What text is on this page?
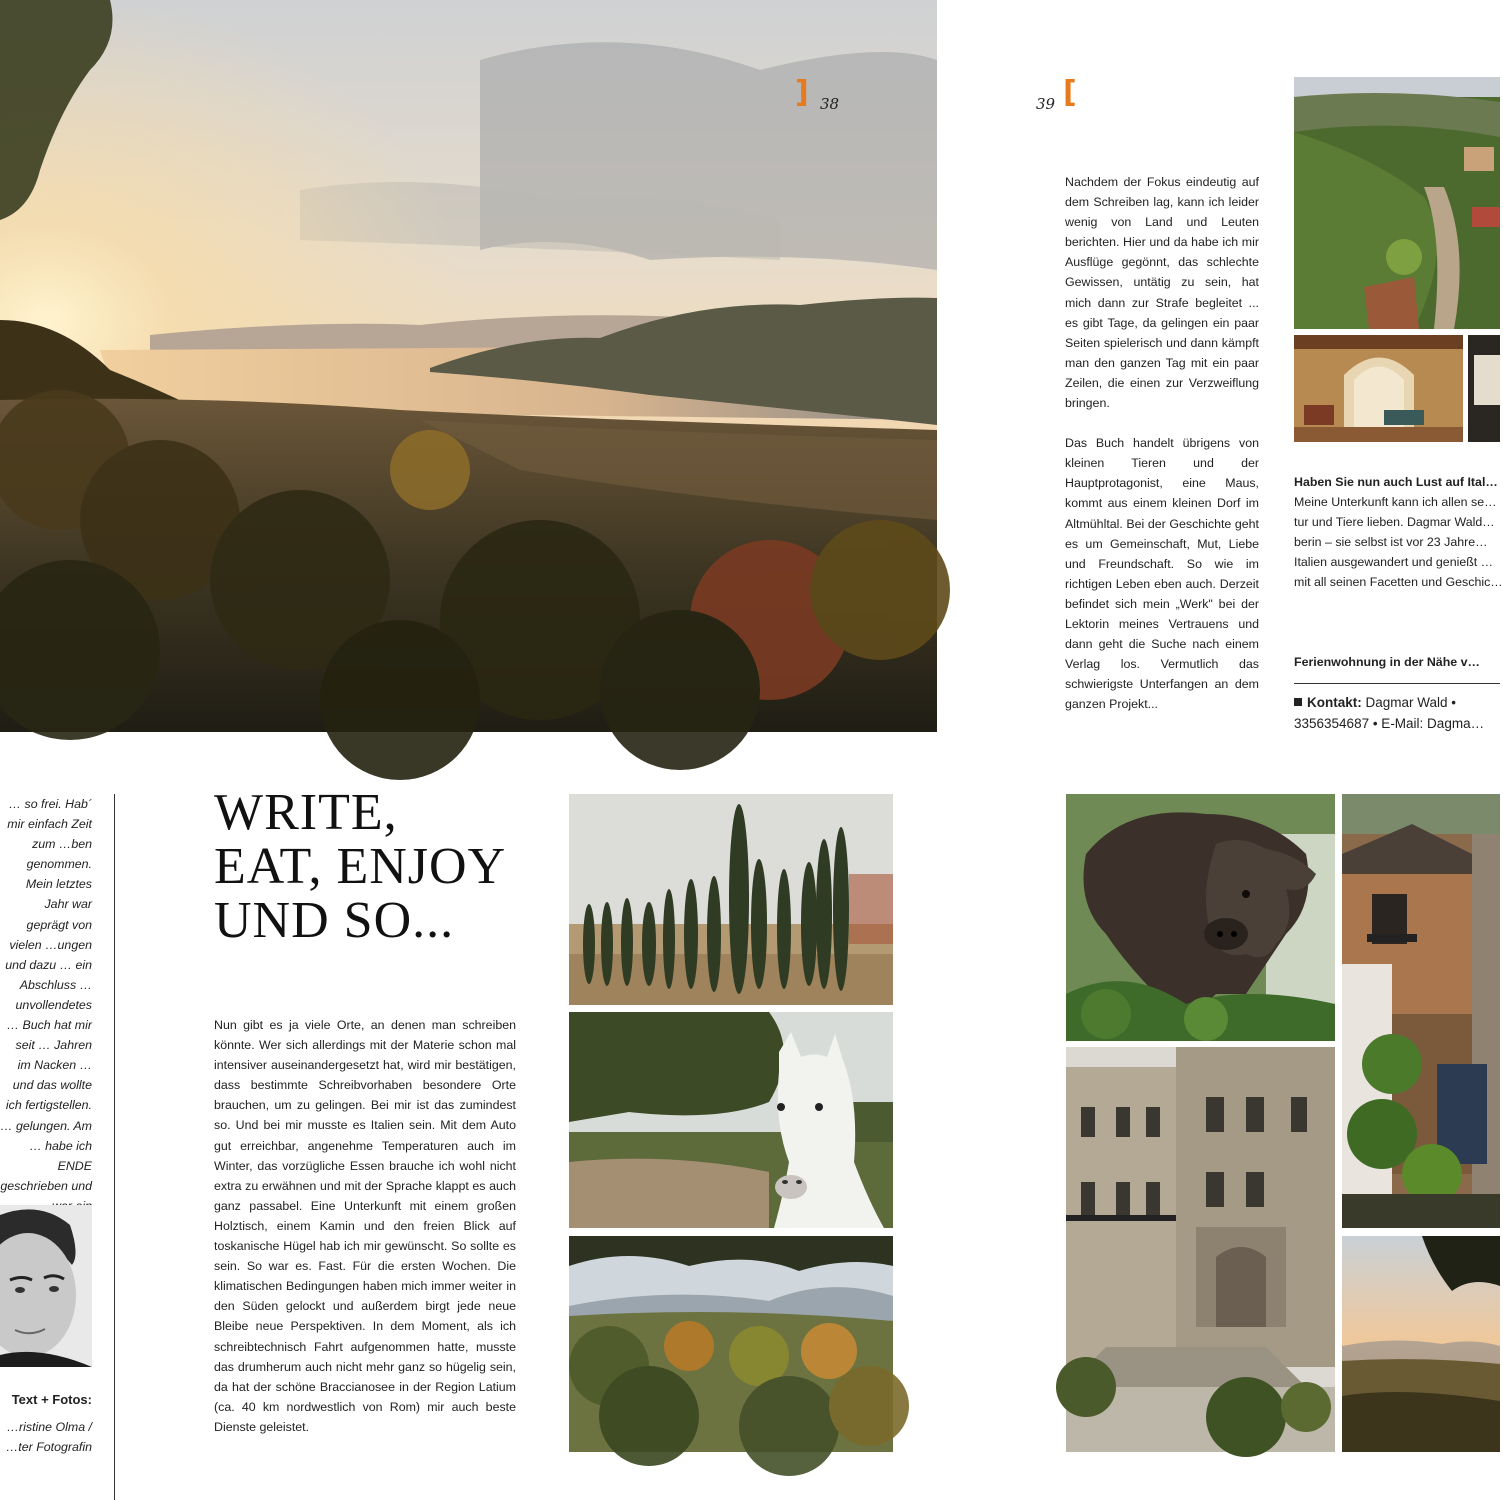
] 38	39 [
… so frei. Hab´ mir einfach Zeit zum …ben genommen. Mein letztes Jahr war geprägt von vielen …ungen und dazu … ein Abschluss … unvollendetes … Buch hat mir seit … Jahren im Nacken … und das wollte ich fertigstellen. … gelungen. Am … habe ich ENDE geschrieben und
Text + Fotos:
…ristine Olma /
…ter Fotografin
WRITE,
EAT, ENJOY
UND SO...

Nun gibt es ja viele Orte, an denen man schreiben könnte. Wer sich allerdings mit der Materie schon mal intensiver auseinandergesetzt hat, wird mir bestätigen, dass bestimmte Schreibvorhaben besondere Orte brauchen, um zu gelingen. Bei mir ist das zumindest so. Und bei mir musste es Italien sein. Mit dem Auto gut erreichbar, angenehme Temperaturen auch im Winter, das vorzügliche Essen brauche ich wohl nicht extra zu erwähnen und mit der Sprache klappt es auch ganz passabel. Eine Unterkunft mit einem großen Holztisch, einem Kamin und den freien Blick auf toskanische Hügel hab ich mir gewünscht. So sollte es sein. So war es. Fast. Für die ersten Wochen. Die klimatischen Bedingungen haben mich immer weiter in den Süden gelockt und außerdem birgt jede neue Bleibe neue Perspektiven. In dem Moment, als ich schreibtechnisch Fahrt aufgenommen hatte, musste das drumherum auch nicht mehr ganz so hügelig sein, da hat der schöne Braccianosee in der Region Latium (ca. 40 km nordwestlich von Rom) mir auch beste Dienste geleistet.

Nachdem der Fokus eindeutig auf dem Schreiben lag, kann ich leider wenig von Land und Leuten berichten. Hier und da habe ich mir Ausflüge gegönnt, das schlechte Gewissen, untätig zu sein, hat mich dann zur Strafe begleitet ... es gibt Tage, da gelingen ein paar Seiten spielerisch und dann kämpft man den ganzen Tag mit ein paar Zeilen, die einen zur Verzweiflung bringen.

Das Buch handelt übrigens von kleinen Tieren und der Hauptprotagonist, eine Maus, kommt aus einem kleinen Dorf im Altmühltal. Bei der Geschichte geht es um Gemeinschaft, Mut, Liebe und Freundschaft. So wie im richtigen Leben eben auch. Derzeit befindet sich mein „Werk" bei der Lektorin meines Vertrauens und dann geht die Suche nach einem Verlag los. Vermutlich das schwierigste Unterfangen an dem ganzen Projekt...

Haben Sie nun auch Lust auf Ital…
Meine Unterkunft kann ich allen se…
tur und Tiere lieben. Dagmar Wald…
berin – sie selbst ist vor 23 Jahre…
Italien ausgewandert und genießt …
mit all seinen Facetten und Geschic…
Ferienwohnung in der Nähe v…
Kontakt: Dagmar Wald •
3356354687 • E-Mail: Dagma…
